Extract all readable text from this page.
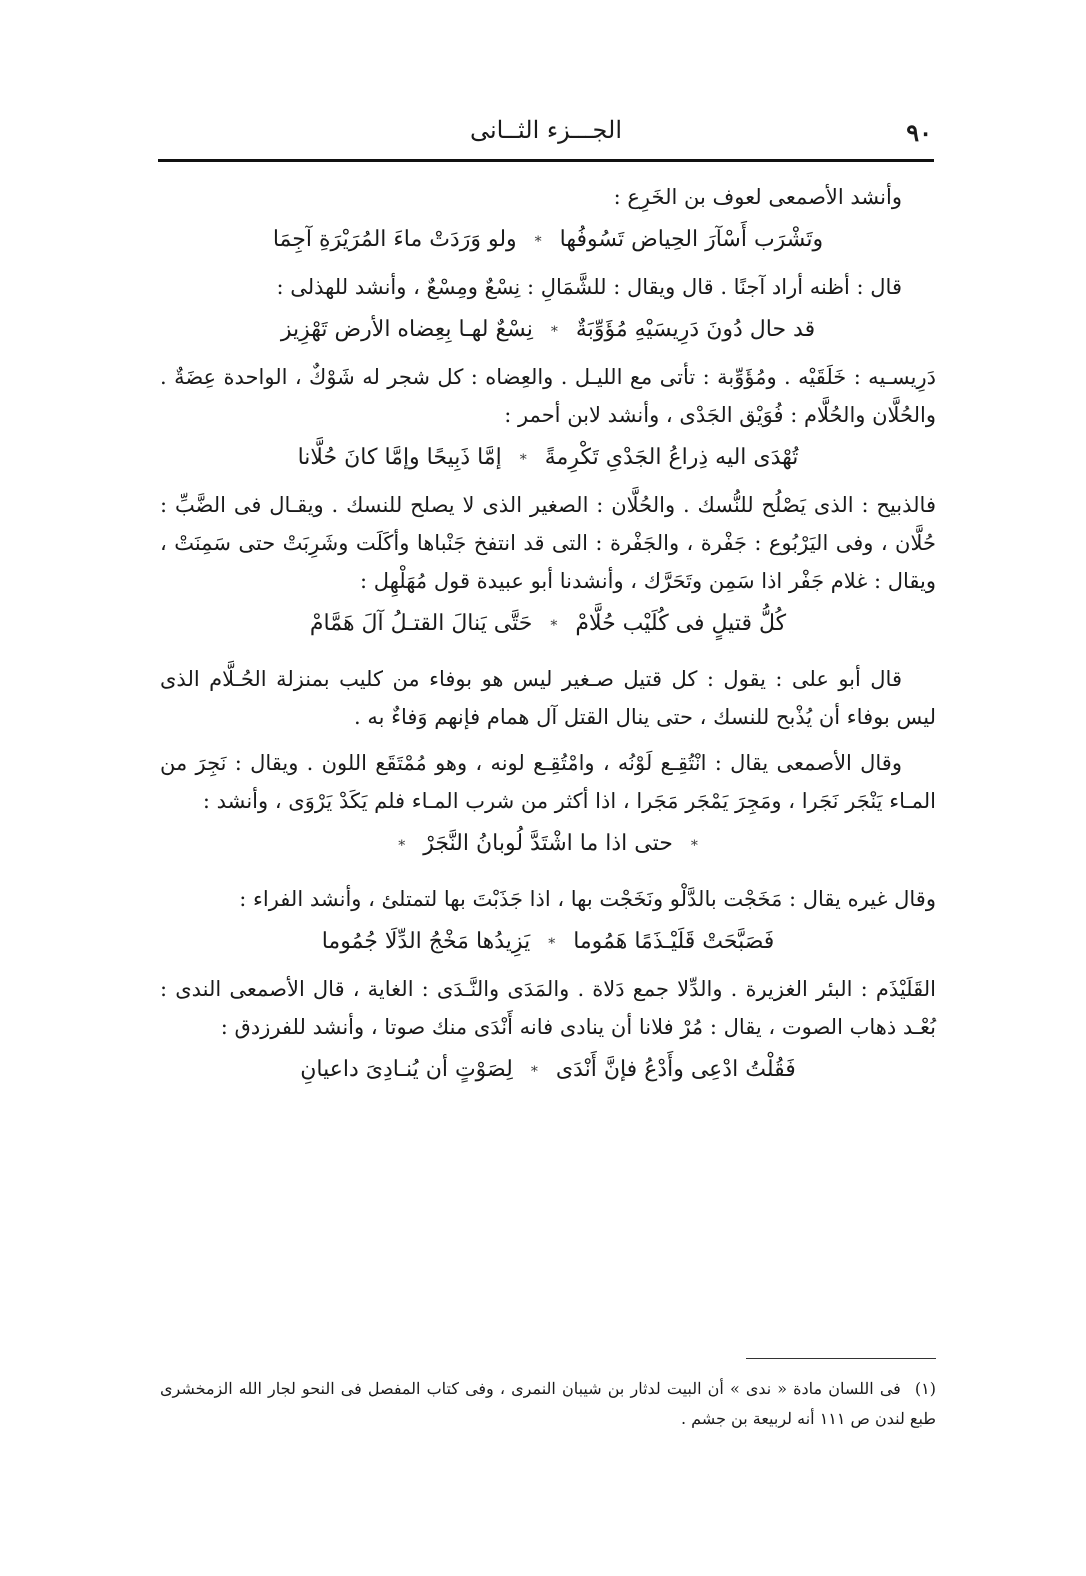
٩٠
الجـــزء الثــانى

وأنشد الأصمعى لعوف بن الخَرِع :

وتَشْرَب أَسْآرَ الحِياض تَسُوفُها
*
ولو وَرَدَتْ ماءَ المُرَيْرَةِ آجِمَا

قال : أظنه أراد آجنًا . قال ويقال : للشَّمَالِ : نِسْعٌ ومِسْعٌ ، وأنشد للهذلى :

قد حال دُونَ دَرِيسَيْهِ مُؤَوِّبَةٌ
*
نِسْعٌ لهـا بِعِضاه الأرض تَهْزِيز

دَرِيسـيه : خَلَقَيْه . ومُؤَوِّبة : تأتى مع الليـل . والعِضاه : كل شجر له شَوْكٌ ، الواحدة عِضَةٌ . والحُلَّان والحُلَّام : فُوَيْق الجَدْى ، وأنشد لابن أحمر :

تُهْدَى اليه ذِراعُ الجَدْىِ تَكْرِمةً
*
إمَّا ذَبِيحًا وإمَّا كانَ حُلَّانا

فالذبيح : الذى يَصْلُح للنُّسك . والحُلَّان : الصغير الذى لا يصلح للنسك . ويقـال فى الضَّبِّ : حُلَّان ، وفى اليَرْبُوع : جَفْرة ، والجَفْرة : التى قد انتفخ جَنْباها وأكَلَت وشَرِبَتْ حتى سَمِنَتْ ، ويقال : غلام جَفْر اذا سَمِن وتَحَرَّك ، وأنشدنا أبو عبيدة قول مُهَلْهِل :

كُلُّ قتيلٍ فى كُلَيْب حُلَّامْ
*
حَتَّى يَنالَ القتـلُ آلَ هَمَّامْ

قال أبو على : يقول : كل قتيل صـغير ليس هو بوفاء من كليب بمنزلة الحُـلَّام الذى ليس بوفاء أن يُذْبح للنسك ، حتى ينال القتل آل همام فإنهم وَفاءٌ به .

وقال الأصمعى يقال : انْتُقِـع لَوْنُه ، وامْتُقِـع لونه ، وهو مُمْتَقَع اللون . ويقال : نَجِرَ من المـاء يَنْجَر نَجَرا ، ومَجِرَ يَمْجَر مَجَرا ، اذا أكثر من شرب المـاء فلم يَكَدْ يَرْوَى ، وأنشد :

*
حتى اذا ما اشْتَدَّ لُوبانُ النَّجَرْ
*

وقال غيره يقال : مَخَجْت بالدَّلْو ونَخَجْت بها ، اذا جَذَبْتَ بها لتمتلئ ، وأنشد الفراء :

فَصَبَّحَتْ قَلَيْـذَمًا هَمُوما
*
يَزِيدُها مَخْجُ الدِّلَا جُمُوما

القَلَيْذَم : البئر الغزيرة . والدِّلا جمع دَلاة . والمَدَى والنَّـدَى : الغاية ، قال الأصمعى الندى : بُعْـد ذهاب الصوت ، يقال : مُرْ فلانا أن ينادى فانه أَنْدَى منك صوتا ، وأنشد للفرزدق :

فَقُلْتُ ادْعِى وأَدْعُ فإنَّ أَنْدَى
*
لِصَوْتٍ أن يُنـادِىَ داعيانِ
(١) فى اللسان مادة « ندى » أن البيت لدثار بن شيبان النمرى ، وفى كتاب المفصل فى النحو لجار الله الزمخشرى طبع لندن ص ١١١ أنه لربيعة بن جشم .
